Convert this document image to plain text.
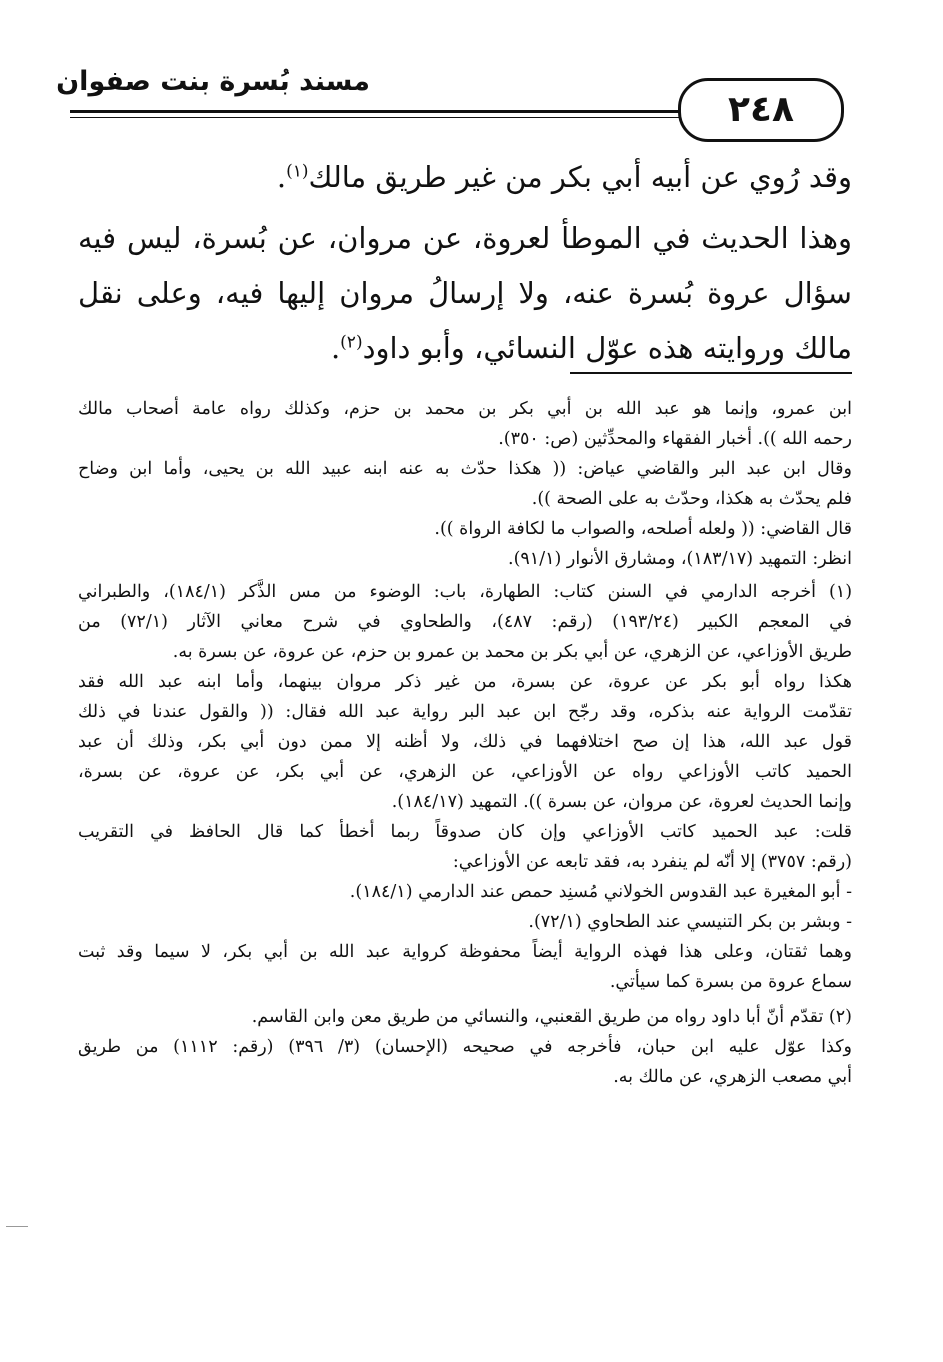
مسند بُسرة بنت صفوان
٢٤٨

وقد رُوي عن أبيه أبي بكر من غير طريق مالك$^{(١)}$.

وهذا الحديث في الموطأ لعروة، عن مروان، عن بُسرة، ليس فيه سؤال عروة بُسرة عنه، ولا إرسالُ مروان إليها فيه، وعلى نقل مالك وروايته هذه عوّل النسائي، وأبو داود$^{(٢)}$.

ابن عمرو، وإنما هو عبد الله بن أبي بكر بن محمد بن حزم، وكذلك رواه عامة أصحاب مالك
رحمه الله )). أخبار الفقهاء والمحدِّثين (ص: ٣٥٠).
وقال ابن عبد البر والقاضي عياض: (( هكذا حدّث به عنه ابنه عبيد الله بن يحيى، وأما ابن وضاح
فلم يحدّث به هكذا، وحدّث به على الصحة )).
قال القاضي: (( ولعله أصلحه، والصواب ما لكافة الرواة )).
انظر: التمهيد (١٨٣/١٧)، ومشارق الأنوار (٩١/١).
(١) أخرجه الدارمي في السنن كتاب: الطهارة، باب: الوضوء من مس الذَّكر (١٨٤/١)، والطبراني
في المعجم الكبير (١٩٣/٢٤) (رقم: ٤٨٧)، والطحاوي في شرح معاني الآثار (٧٢/١) من
طريق الأوزاعي، عن الزهري، عن أبي بكر بن محمد بن عمرو بن حزم، عن عروة، عن بسرة به.
هكذا رواه أبو بكر عن عروة، عن بسرة، من غير ذكر مروان بينهما، وأما ابنه عبد الله فقد
تقدّمت الرواية عنه بذكره، وقد رجّح ابن عبد البر رواية عبد الله فقال: (( والقول عندنا في ذلك
قول عبد الله، هذا إن صح اختلافهما في ذلك، ولا أظنه إلا ممن دون أبي بكر، وذلك أن عبد
الحميد كاتب الأوزاعي رواه عن الأوزاعي، عن الزهري، عن أبي بكر، عن عروة، عن بسرة،
وإنما الحديث لعروة، عن مروان، عن بسرة )). التمهيد (١٨٤/١٧).
قلت: عبد الحميد كاتب الأوزاعي وإن كان صدوقاً ربما أخطأ كما قال الحافظ في التقريب
(رقم: ٣٧٥٧) إلا أنّه لم ينفرد به، فقد تابعه عن الأوزاعي:
- أبو المغيرة عبد القدوس الخولاني مُسنِد حمص عند الدارمي (١٨٤/١).
- وبشر بن بكر التنيسي عند الطحاوي (٧٢/١).
وهما ثقتان، وعلى هذا فهذه الرواية أيضاً محفوظة كرواية عبد الله بن أبي بكر، لا سيما وقد ثبت
سماع عروة من بسرة كما سيأتي.
(٢) تقدّم أنّ أبا داود رواه من طريق القعنبي، والنسائي من طريق معن وابن القاسم.
وكذا عوّل عليه ابن حبان، فأخرجه في صحيحه (الإحسان) (٣/ ٣٩٦) (رقم: ١١١٢) من طريق
أبي مصعب الزهري، عن مالك به.
